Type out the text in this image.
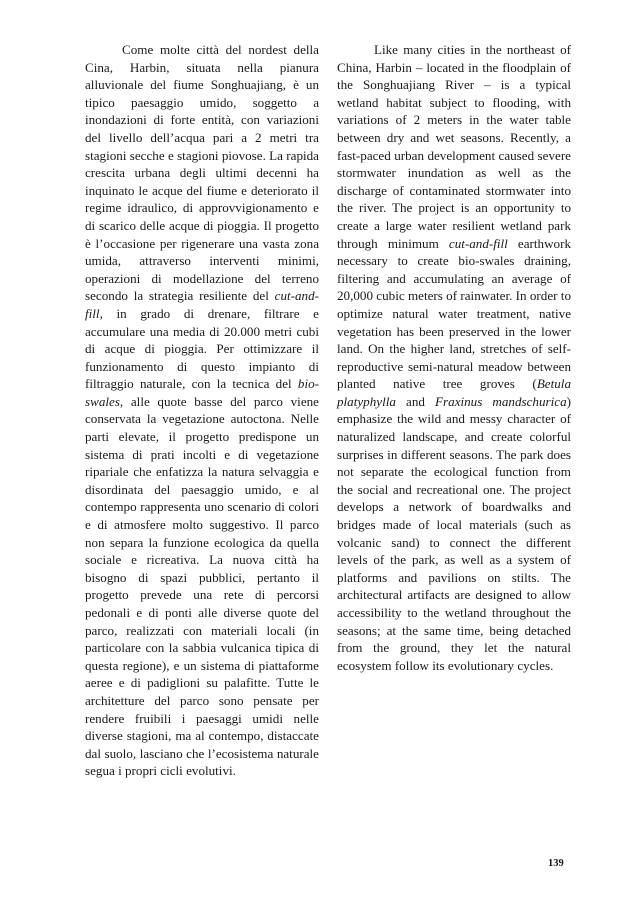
Come molte città del nordest della Cina, Harbin, situata nella pianura alluvionale del fiume Songhuajiang, è un tipico paesaggio umido, soggetto a inondazioni di forte entità, con variazioni del livello dell’acqua pari a 2 metri tra stagioni secche e stagioni piovose. La rapida crescita urbana degli ultimi decenni ha inquinato le acque del fiume e deteriorato il regime idraulico, di approvvigionamento e di scarico delle acque di pioggia. Il progetto è l’occasione per rigenerare una vasta zona umida, attraverso interventi minimi, operazioni di modellazione del terreno secondo la strategia resiliente del cut-and-fill, in grado di drenare, filtrare e accumulare una media di 20.000 metri cubi di acque di pioggia. Per ottimizzare il funzionamento di questo impianto di filtraggio naturale, con la tecnica del bio-swales, alle quote basse del parco viene conservata la vegetazione autoctona. Nelle parti elevate, il progetto predispone un sistema di prati incolti e di vegetazione ripariale che enfatizza la natura selvaggia e disordinata del paesaggio umido, e al contempo rappresenta uno scenario di colori e di atmosfere molto suggestivo. Il parco non separa la funzione ecologica da quella sociale e ricreativa. La nuova città ha bisogno di spazi pubblici, pertanto il progetto prevede una rete di percorsi pedonali e di ponti alle diverse quote del parco, realizzati con materiali locali (in particolare con la sabbia vulcanica tipica di questa regione), e un sistema di piattaforme aeree e di padiglioni su palafitte. Tutte le architetture del parco sono pensate per rendere fruibili i paesaggi umidi nelle diverse stagioni, ma al contempo, distaccate dal suolo, lasciano che l’ecosistema naturale segua i propri cicli evolutivi.

Like many cities in the northeast of China, Harbin – located in the floodplain of the Songhuajiang River – is a typical wetland habitat subject to flooding, with variations of 2 meters in the water table between dry and wet seasons. Recently, a fast-paced urban development caused severe stormwater inundation as well as the discharge of contaminated stormwater into the river. The project is an opportunity to create a large water resilient wetland park through minimum cut-and-fill earthwork necessary to create bio-swales draining, filtering and accumulating an average of 20,000 cubic meters of rainwater. In order to optimize natural water treatment, native vegetation has been preserved in the lower land. On the higher land, stretches of self-reproductive semi-natural meadow between planted native tree groves (Betula platyphylla and Fraxinus mandschurica) emphasize the wild and messy character of naturalized landscape, and create colorful surprises in different seasons. The park does not separate the ecological function from the social and recreational one. The project develops a network of boardwalks and bridges made of local materials (such as volcanic sand) to connect the different levels of the park, as well as a system of platforms and pavilions on stilts. The architectural artifacts are designed to allow accessibility to the wetland throughout the seasons; at the same time, being detached from the ground, they let the natural ecosystem follow its evolutionary cycles.

139
